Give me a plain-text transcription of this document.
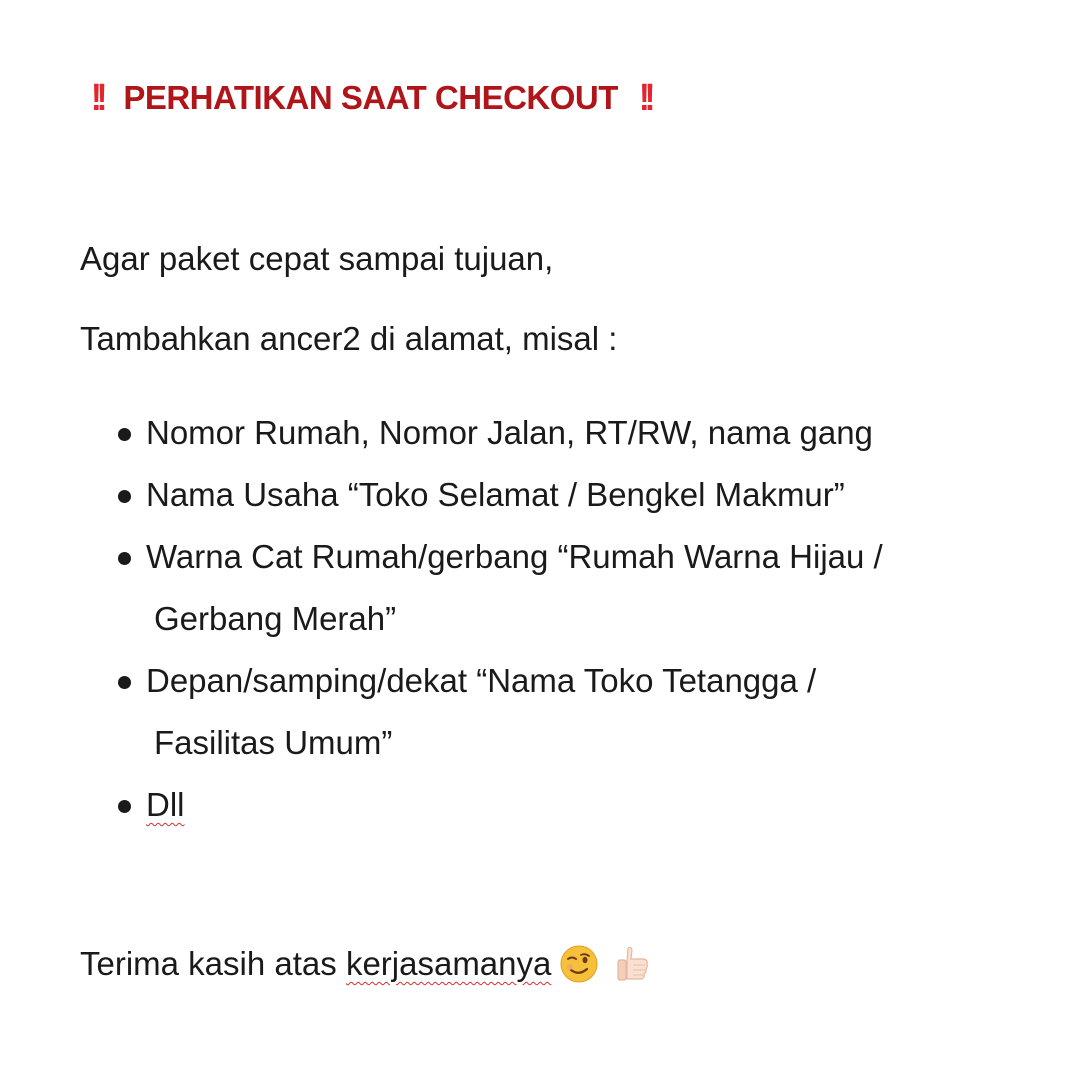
!! PERHATIKAN SAAT CHECKOUT !!
Agar paket cepat sampai tujuan,
Tambahkan ancer2 di alamat, misal :
Nomor Rumah, Nomor Jalan, RT/RW, nama gang
Nama Usaha “Toko Selamat / Bengkel Makmur”
Warna Cat Rumah/gerbang “Rumah Warna Hijau /
Gerbang Merah”
Depan/samping/dekat “Nama Toko Tetangga /
Fasilitas Umum”
Dll
Terima kasih atas kerjasamanya
